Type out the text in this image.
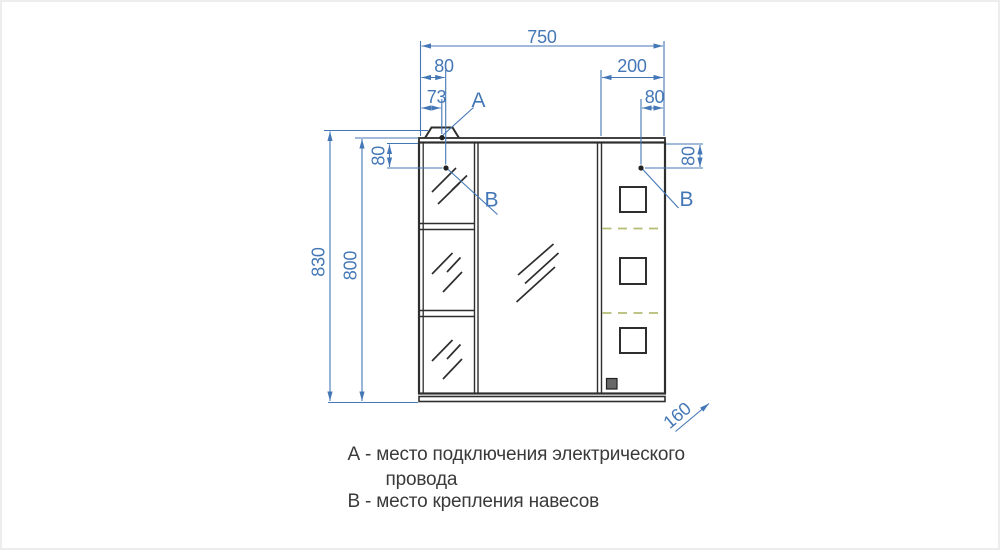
750
80
73
200
80
80	80
830 800
160
А
В	В
А - место подключения электрического
провода
В - место крепления навесов
